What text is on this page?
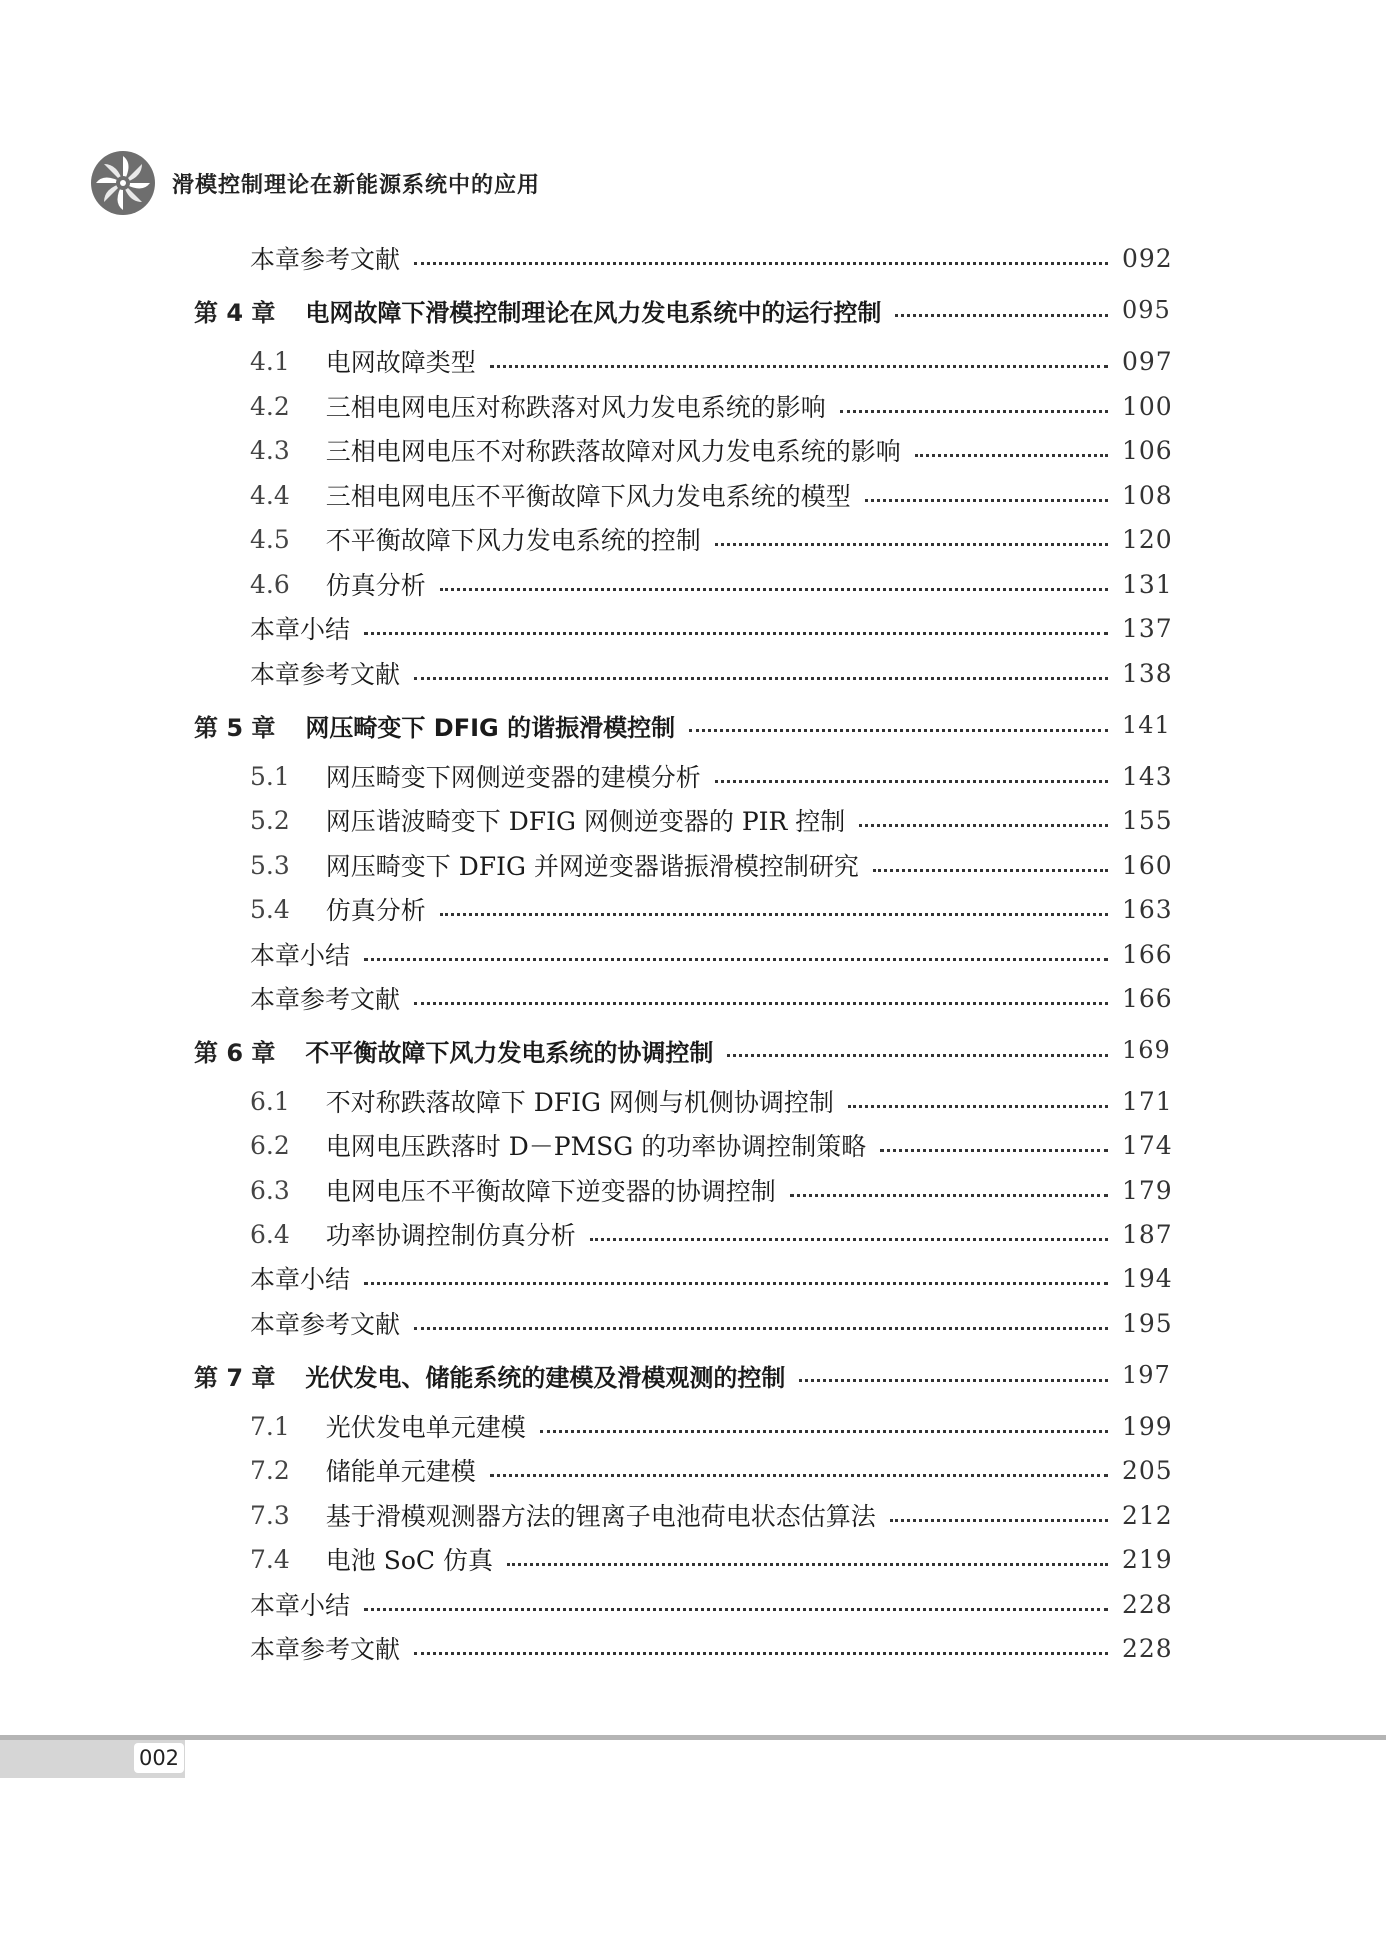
滑模控制理论在新能源系统中的应用
本章参考文献	092
第 4 章 电网故障下滑模控制理论在风力发电系统中的运行控制	095
4.1 电网故障类型	097
4.2 三相电网电压对称跌落对风力发电系统的影响	100
4.3 三相电网电压不对称跌落故障对风力发电系统的影响	106
4.4 三相电网电压不平衡故障下风力发电系统的模型	108
4.5 不平衡故障下风力发电系统的控制	120
4.6 仿真分析	131
本章小结	137
本章参考文献	138
第 5 章 网压畸变下 DFIG 的谐振滑模控制	141
5.1 网压畸变下网侧逆变器的建模分析	143
5.2 网压谐波畸变下 DFIG 网侧逆变器的 PIR 控制	155
5.3 网压畸变下 DFIG 并网逆变器谐振滑模控制研究	160
5.4 仿真分析	163
本章小结	166
本章参考文献	166
第 6 章 不平衡故障下风力发电系统的协调控制	169
6.1 不对称跌落故障下 DFIG 网侧与机侧协调控制	171
6.2 电网电压跌落时 D－PMSG 的功率协调控制策略	174
6.3 电网电压不平衡故障下逆变器的协调控制	179
6.4 功率协调控制仿真分析	187
本章小结	194
本章参考文献	195
第 7 章 光伏发电、储能系统的建模及滑模观测的控制	197
7.1 光伏发电单元建模	199
7.2 储能单元建模	205
7.3 基于滑模观测器方法的锂离子电池荷电状态估算法	212
7.4 电池 SoC 仿真	219
本章小结	228
本章参考文献	228
002
